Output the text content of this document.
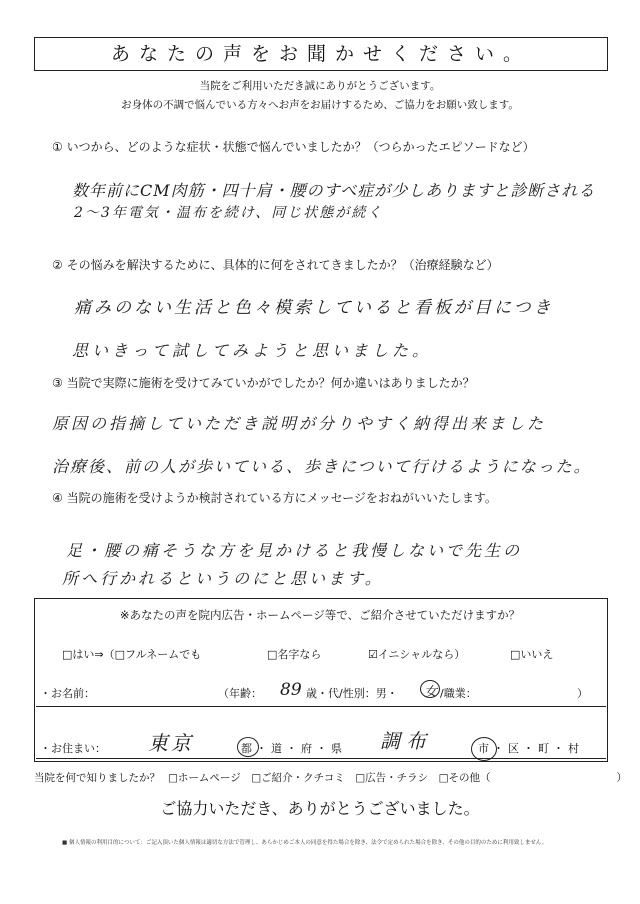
あなたの声をお聞かせください。
当院をご利用いただき誠にありがとうございます。
お身体の不調で悩んでいる方々へお声をお届けするため、ご協力をお願い致します。
① いつから、どのような症状・状態で悩んでいましたか？（つらかったエピソードなど）
数年前にCM肉筋・四十肩・腰のすべ症が少しありますと診断される
2～3年電気・温布を続け、同じ状態が続く
② その悩みを解決するために、具体的に何をされてきましたか？（治療経験など）
痛みのない生活と色々模索していると看板が目につき
思いきって試してみようと思いました。
③ 当院で実際に施術を受けてみていかがでしたか？何か違いはありましたか？
原因の指摘していただき説明が分りやすく納得出来ました
治療後、前の人が歩いている、歩きについて行けるようになった。
④ 当院の施術を受けようか検討されている方にメッセージをおねがいいたします。
足・腰の痛そうな方を見かけると我慢しないで先生の
所へ行かれるというのにと思います。
※あなたの声を院内広告・ホームページ等で、ご紹介させていただけますか？
□はい⇒（□フルネームでも	□名字なら	☑イニシャルなら）	□いいえ
・お名前：	（年齢： 89 歳・代/性別：男・ 女 /職業：	）
・お住まい： 東京	都・道・府・県 調布	市・区・町・村
当院を何で知りましたか？ □ホームページ　□ご紹介・クチコミ　□広告・チラシ　□その他（　　　　　　　　　　　　）
ご協力いただき、ありがとうございました。
■ 個人情報の利用目的について：ご記入頂いた個人情報は適切な方法で管理し、あらかじめご本人の同意を得た場合を除き、法令で定められた場合を除き、その他の目的のために利用致しません。
